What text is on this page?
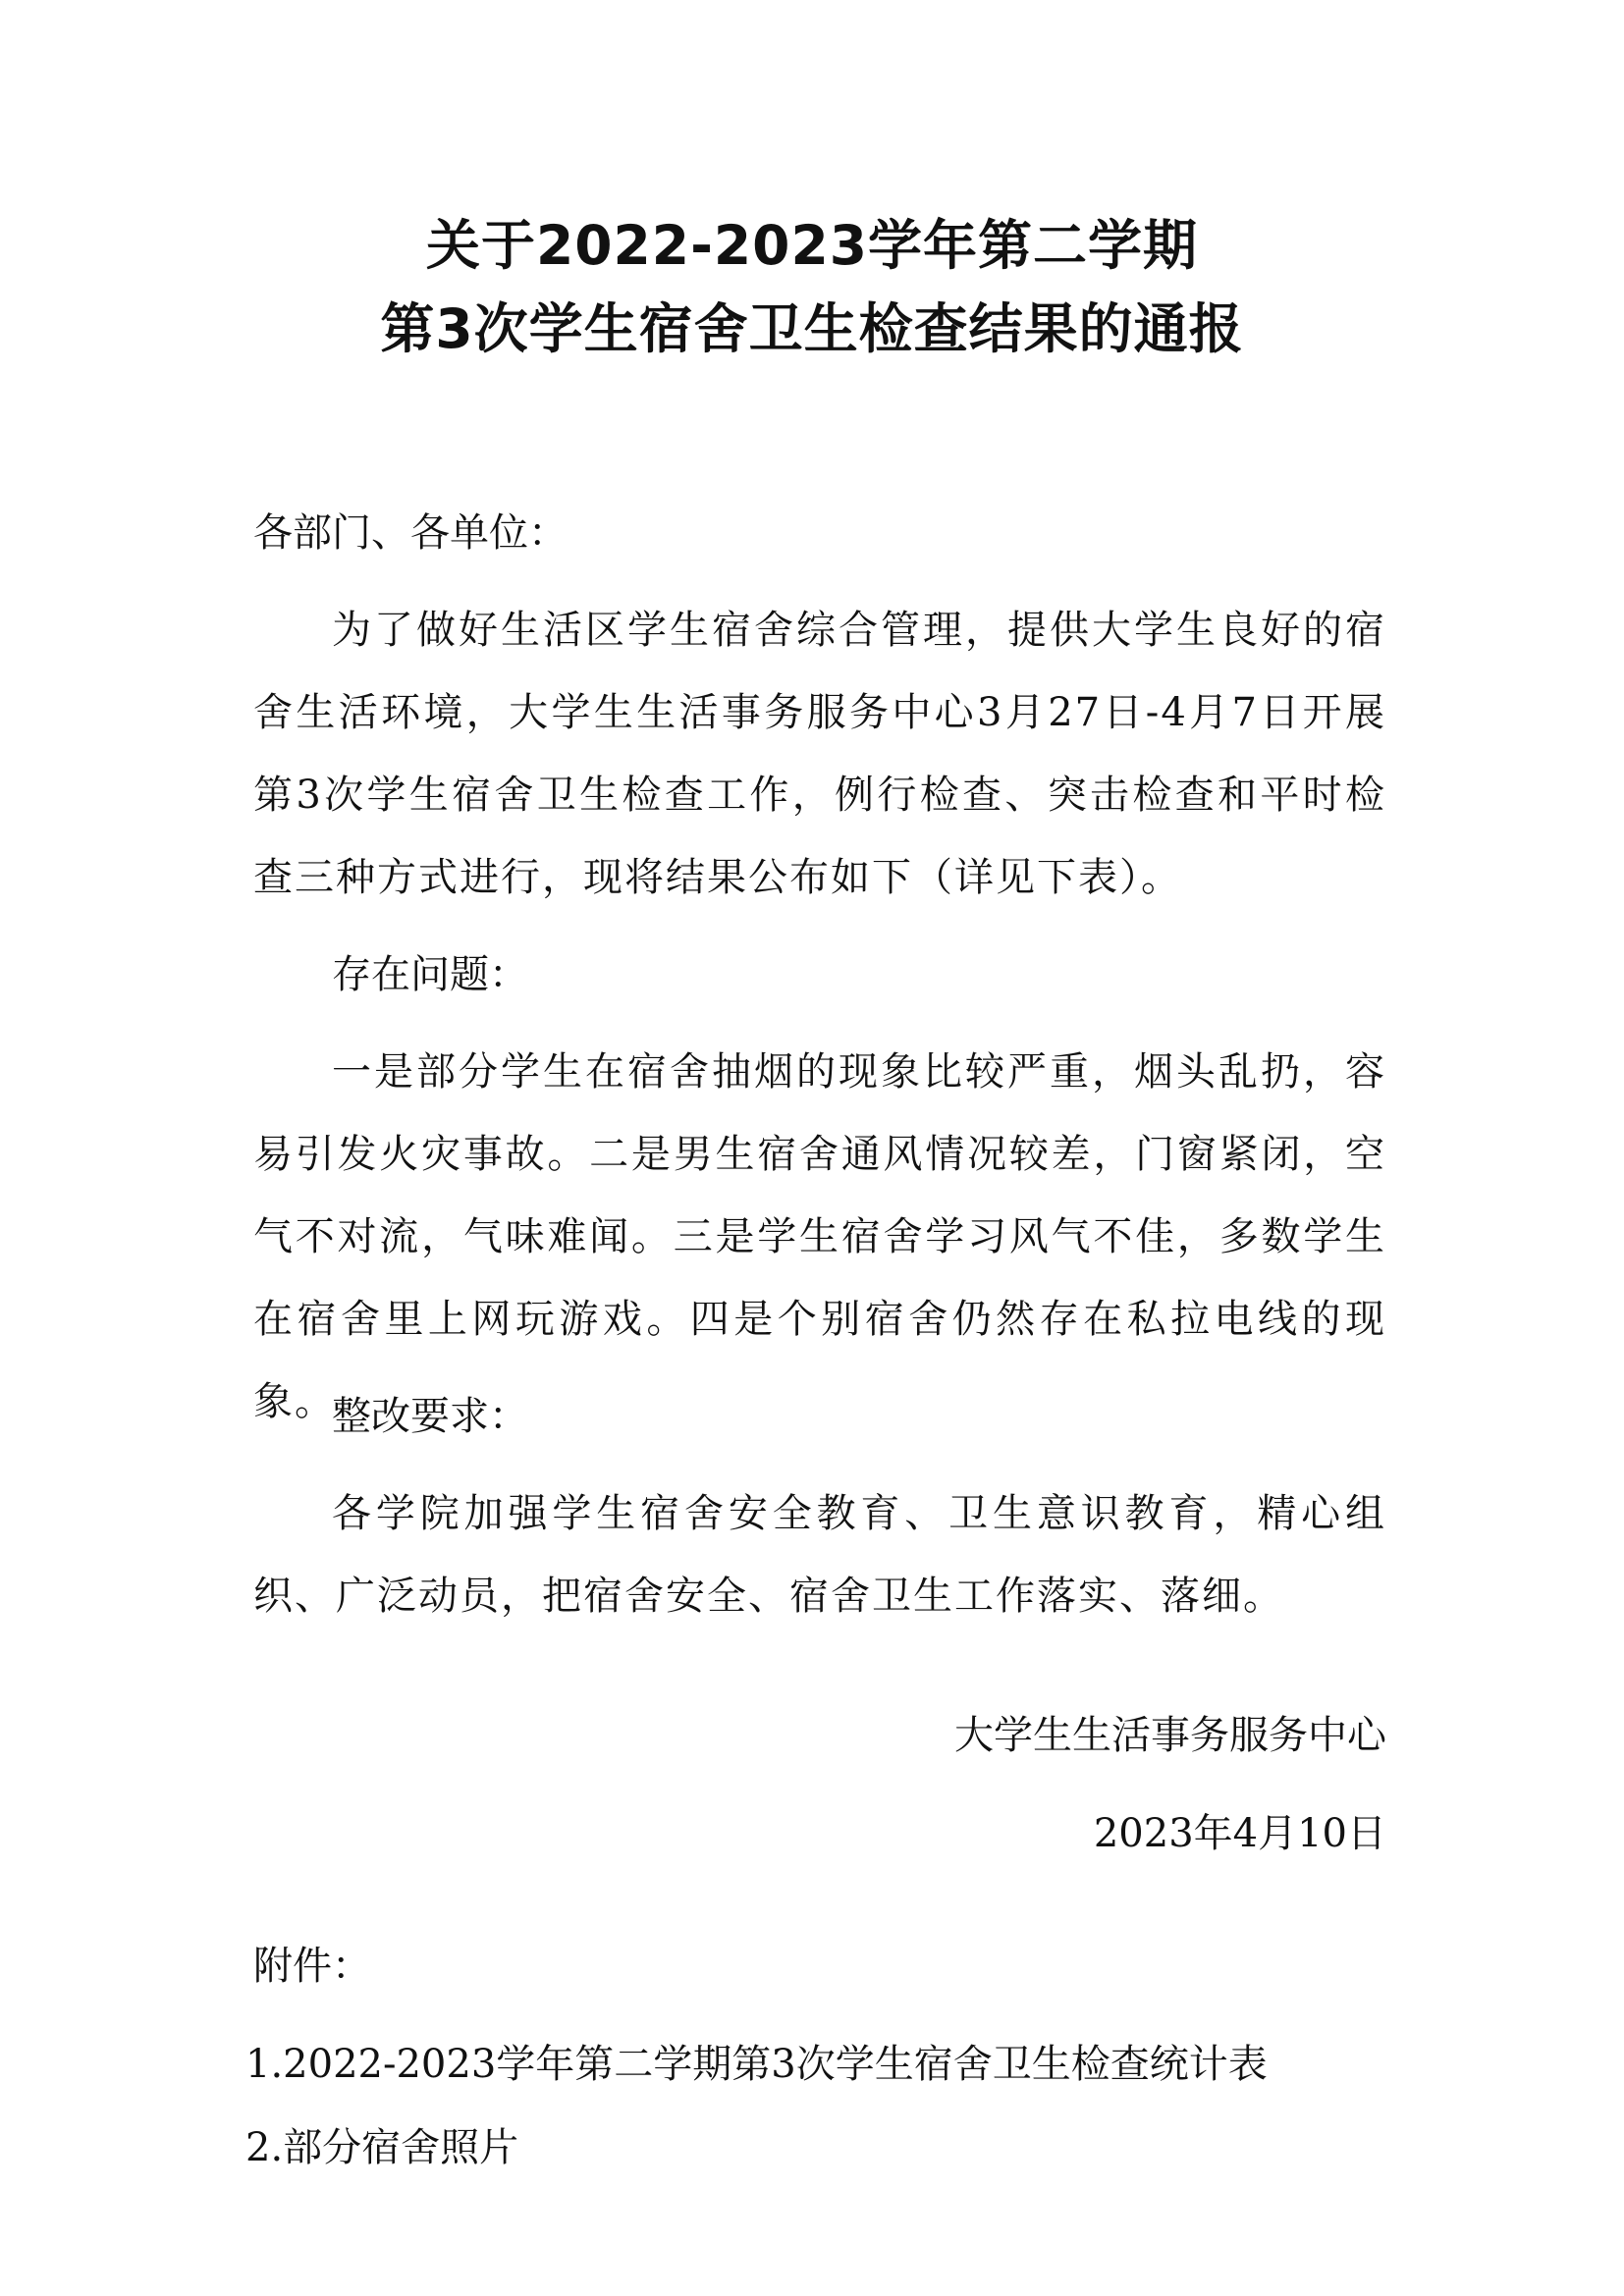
关于2022-2023学年第二学期
第3次学生宿舍卫生检查结果的通报
各部门、各单位：
为了做好生活区学生宿舍综合管理，提供大学生良好的宿舍生活环境，大学生生活事务服务中心3月27日-4月7日开展第3次学生宿舍卫生检查工作，例行检查、突击检查和平时检查三种方式进行，现将结果公布如下（详见下表）。
存在问题：
一是部分学生在宿舍抽烟的现象比较严重，烟头乱扔，容易引发火灾事故。二是男生宿舍通风情况较差，门窗紧闭，空气不对流，气味难闻。三是学生宿舍学习风气不佳，多数学生在宿舍里上网玩游戏。四是个别宿舍仍然存在私拉电线的现象。
整改要求：
各学院加强学生宿舍安全教育、卫生意识教育，精心组织、广泛动员，把宿舍安全、宿舍卫生工作落实、落细。
大学生生活事务服务中心
2023年4月10日
附件：
1.2022-2023学年第二学期第3次学生宿舍卫生检查统计表
2.部分宿舍照片
